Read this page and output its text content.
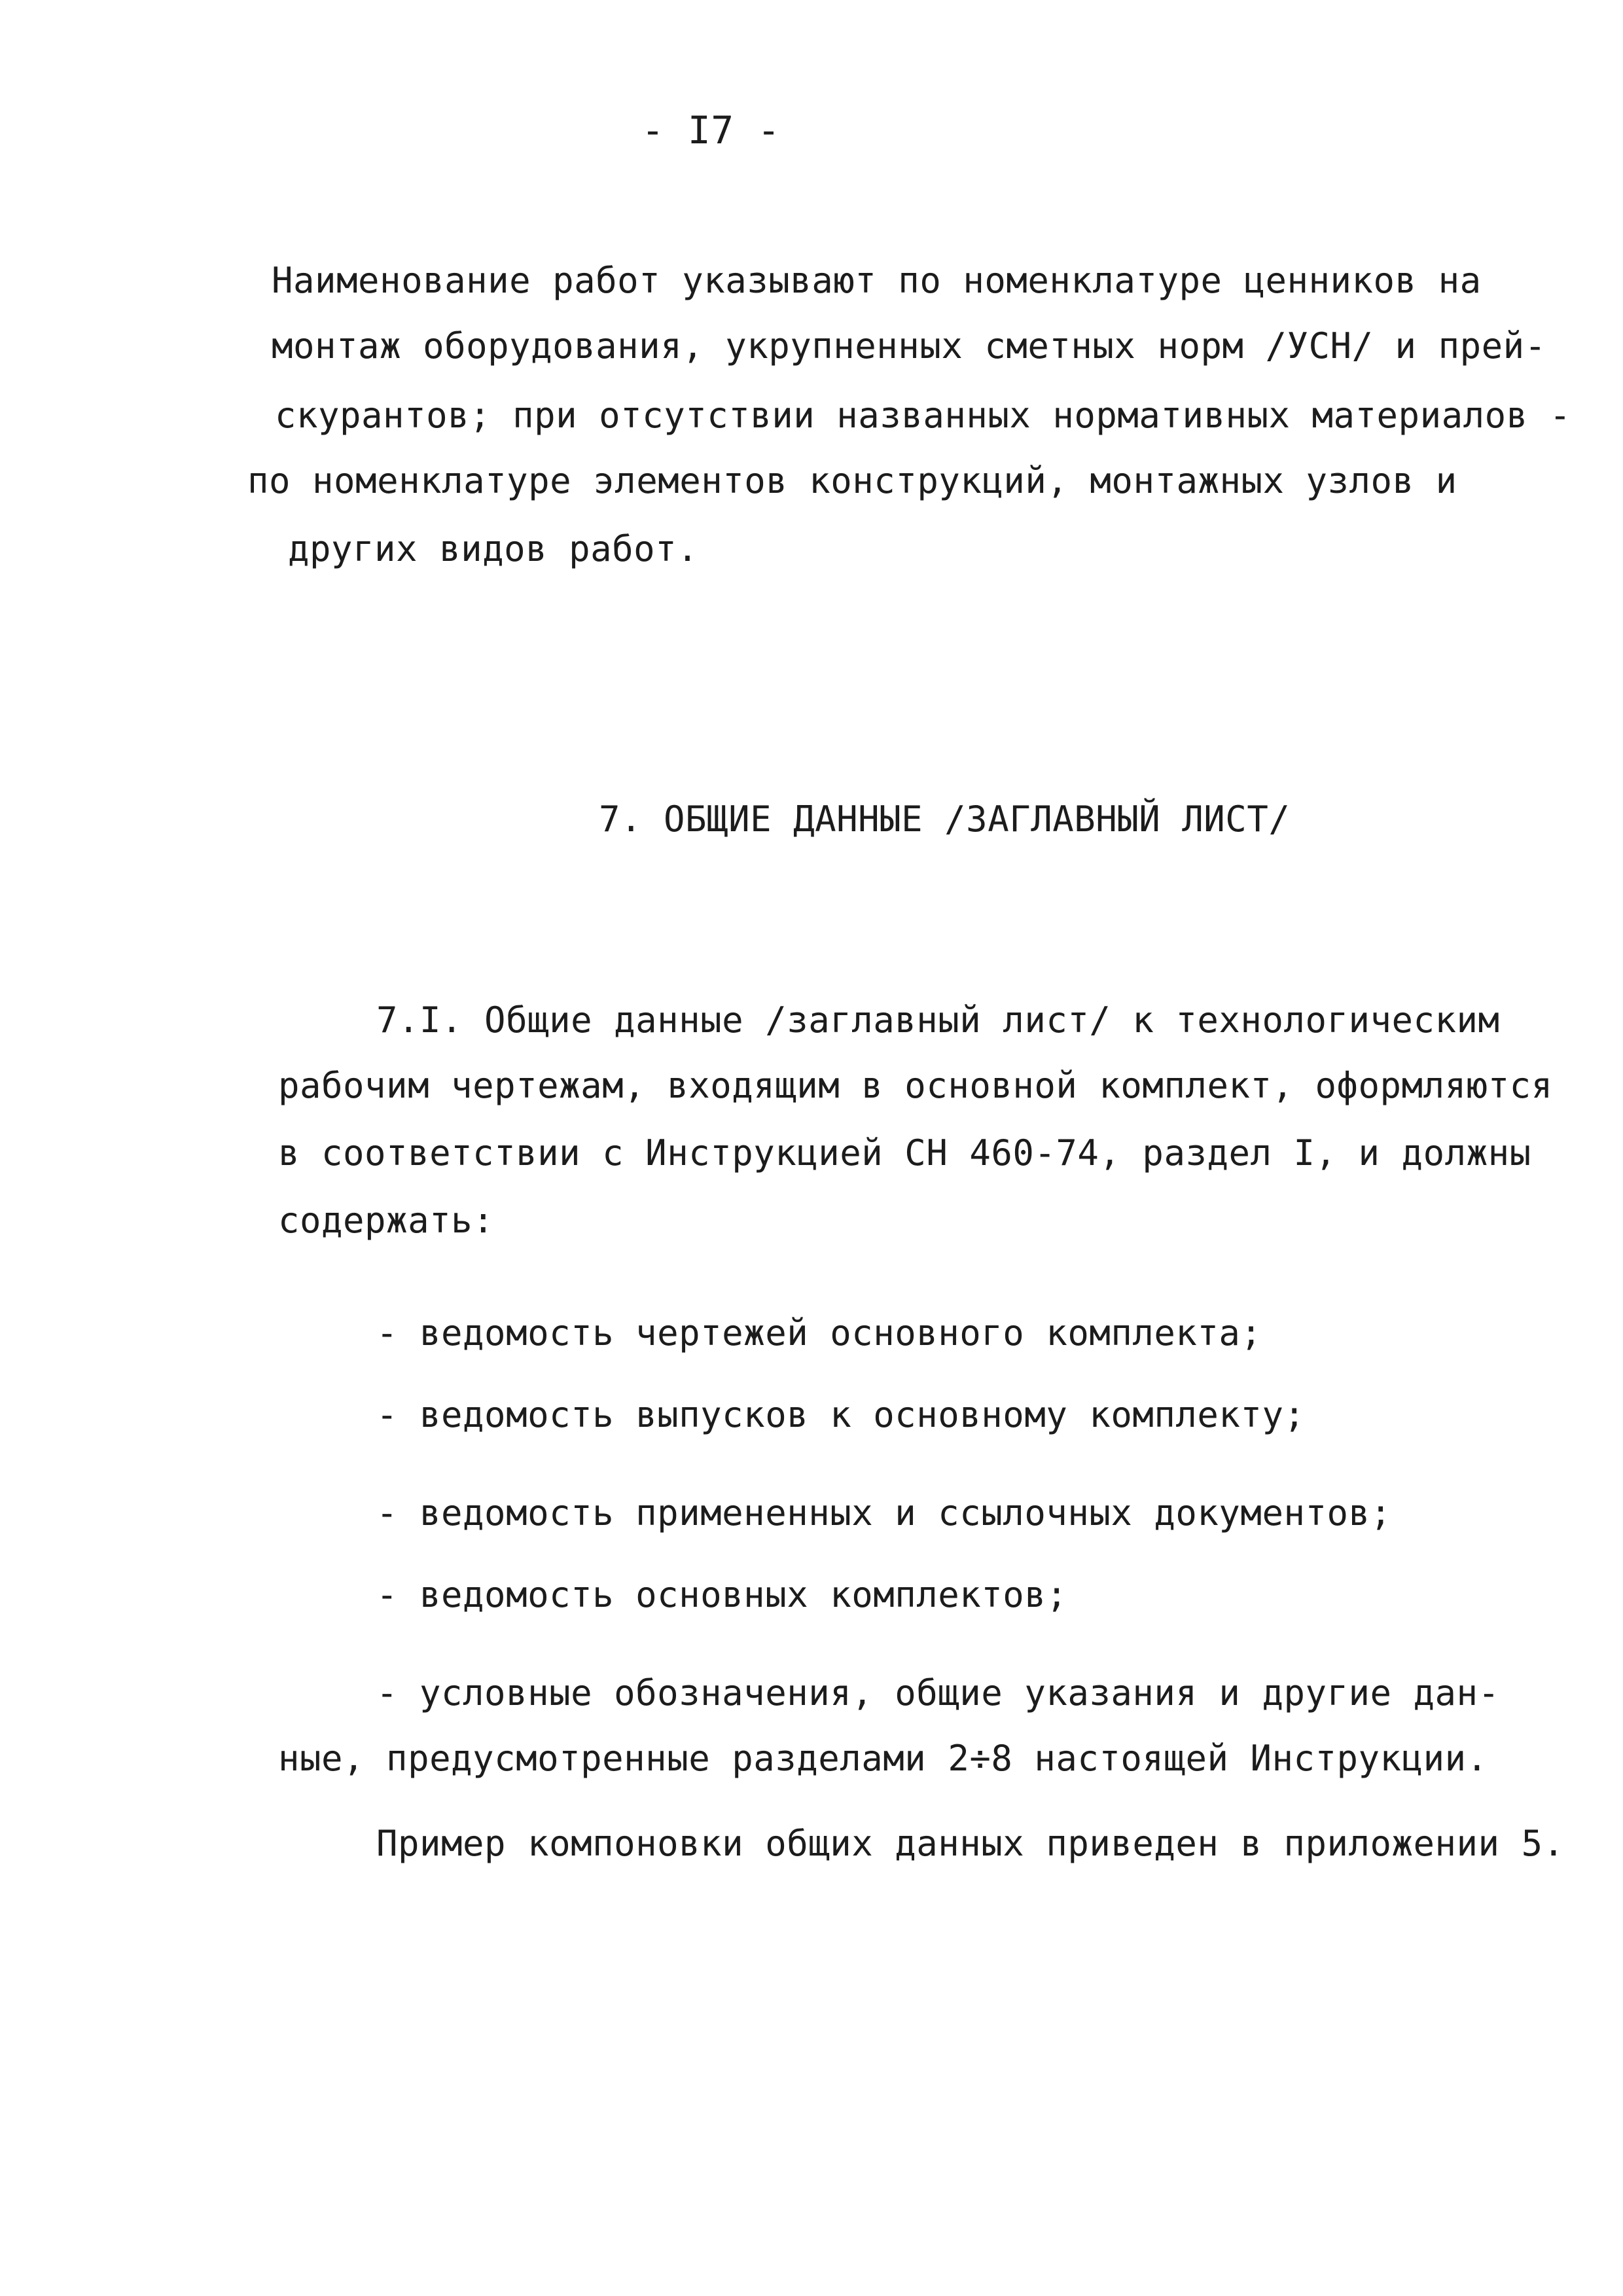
- I7 -
Наименование работ указывают по номенклатуре ценников на
монтаж оборудования, укрупненных сметных норм /УСН/ и прей-
скурантов; при отсутствии названных нормативных материалов -
по номенклатуре элементов конструкций, монтажных узлов и
других видов работ.
7. ОБЩИЕ ДАННЫЕ /ЗАГЛАВНЫЙ ЛИСТ/
7.I. Общие данные /заглавный лист/ к технологическим
рабочим чертежам, входящим в основной комплект, оформляются
в соответствии с Инструкцией СН 460-74, раздел I, и должны
содержать:
- ведомость чертежей основного комплекта;
- ведомость выпусков к основному комплекту;
- ведомость примененных и ссылочных документов;
- ведомость основных комплектов;
- условные обозначения, общие указания и другие дан-
ные, предусмотренные разделами 2÷8 настоящей Инструкции.
Пример компоновки общих данных приведен в приложении 5.
